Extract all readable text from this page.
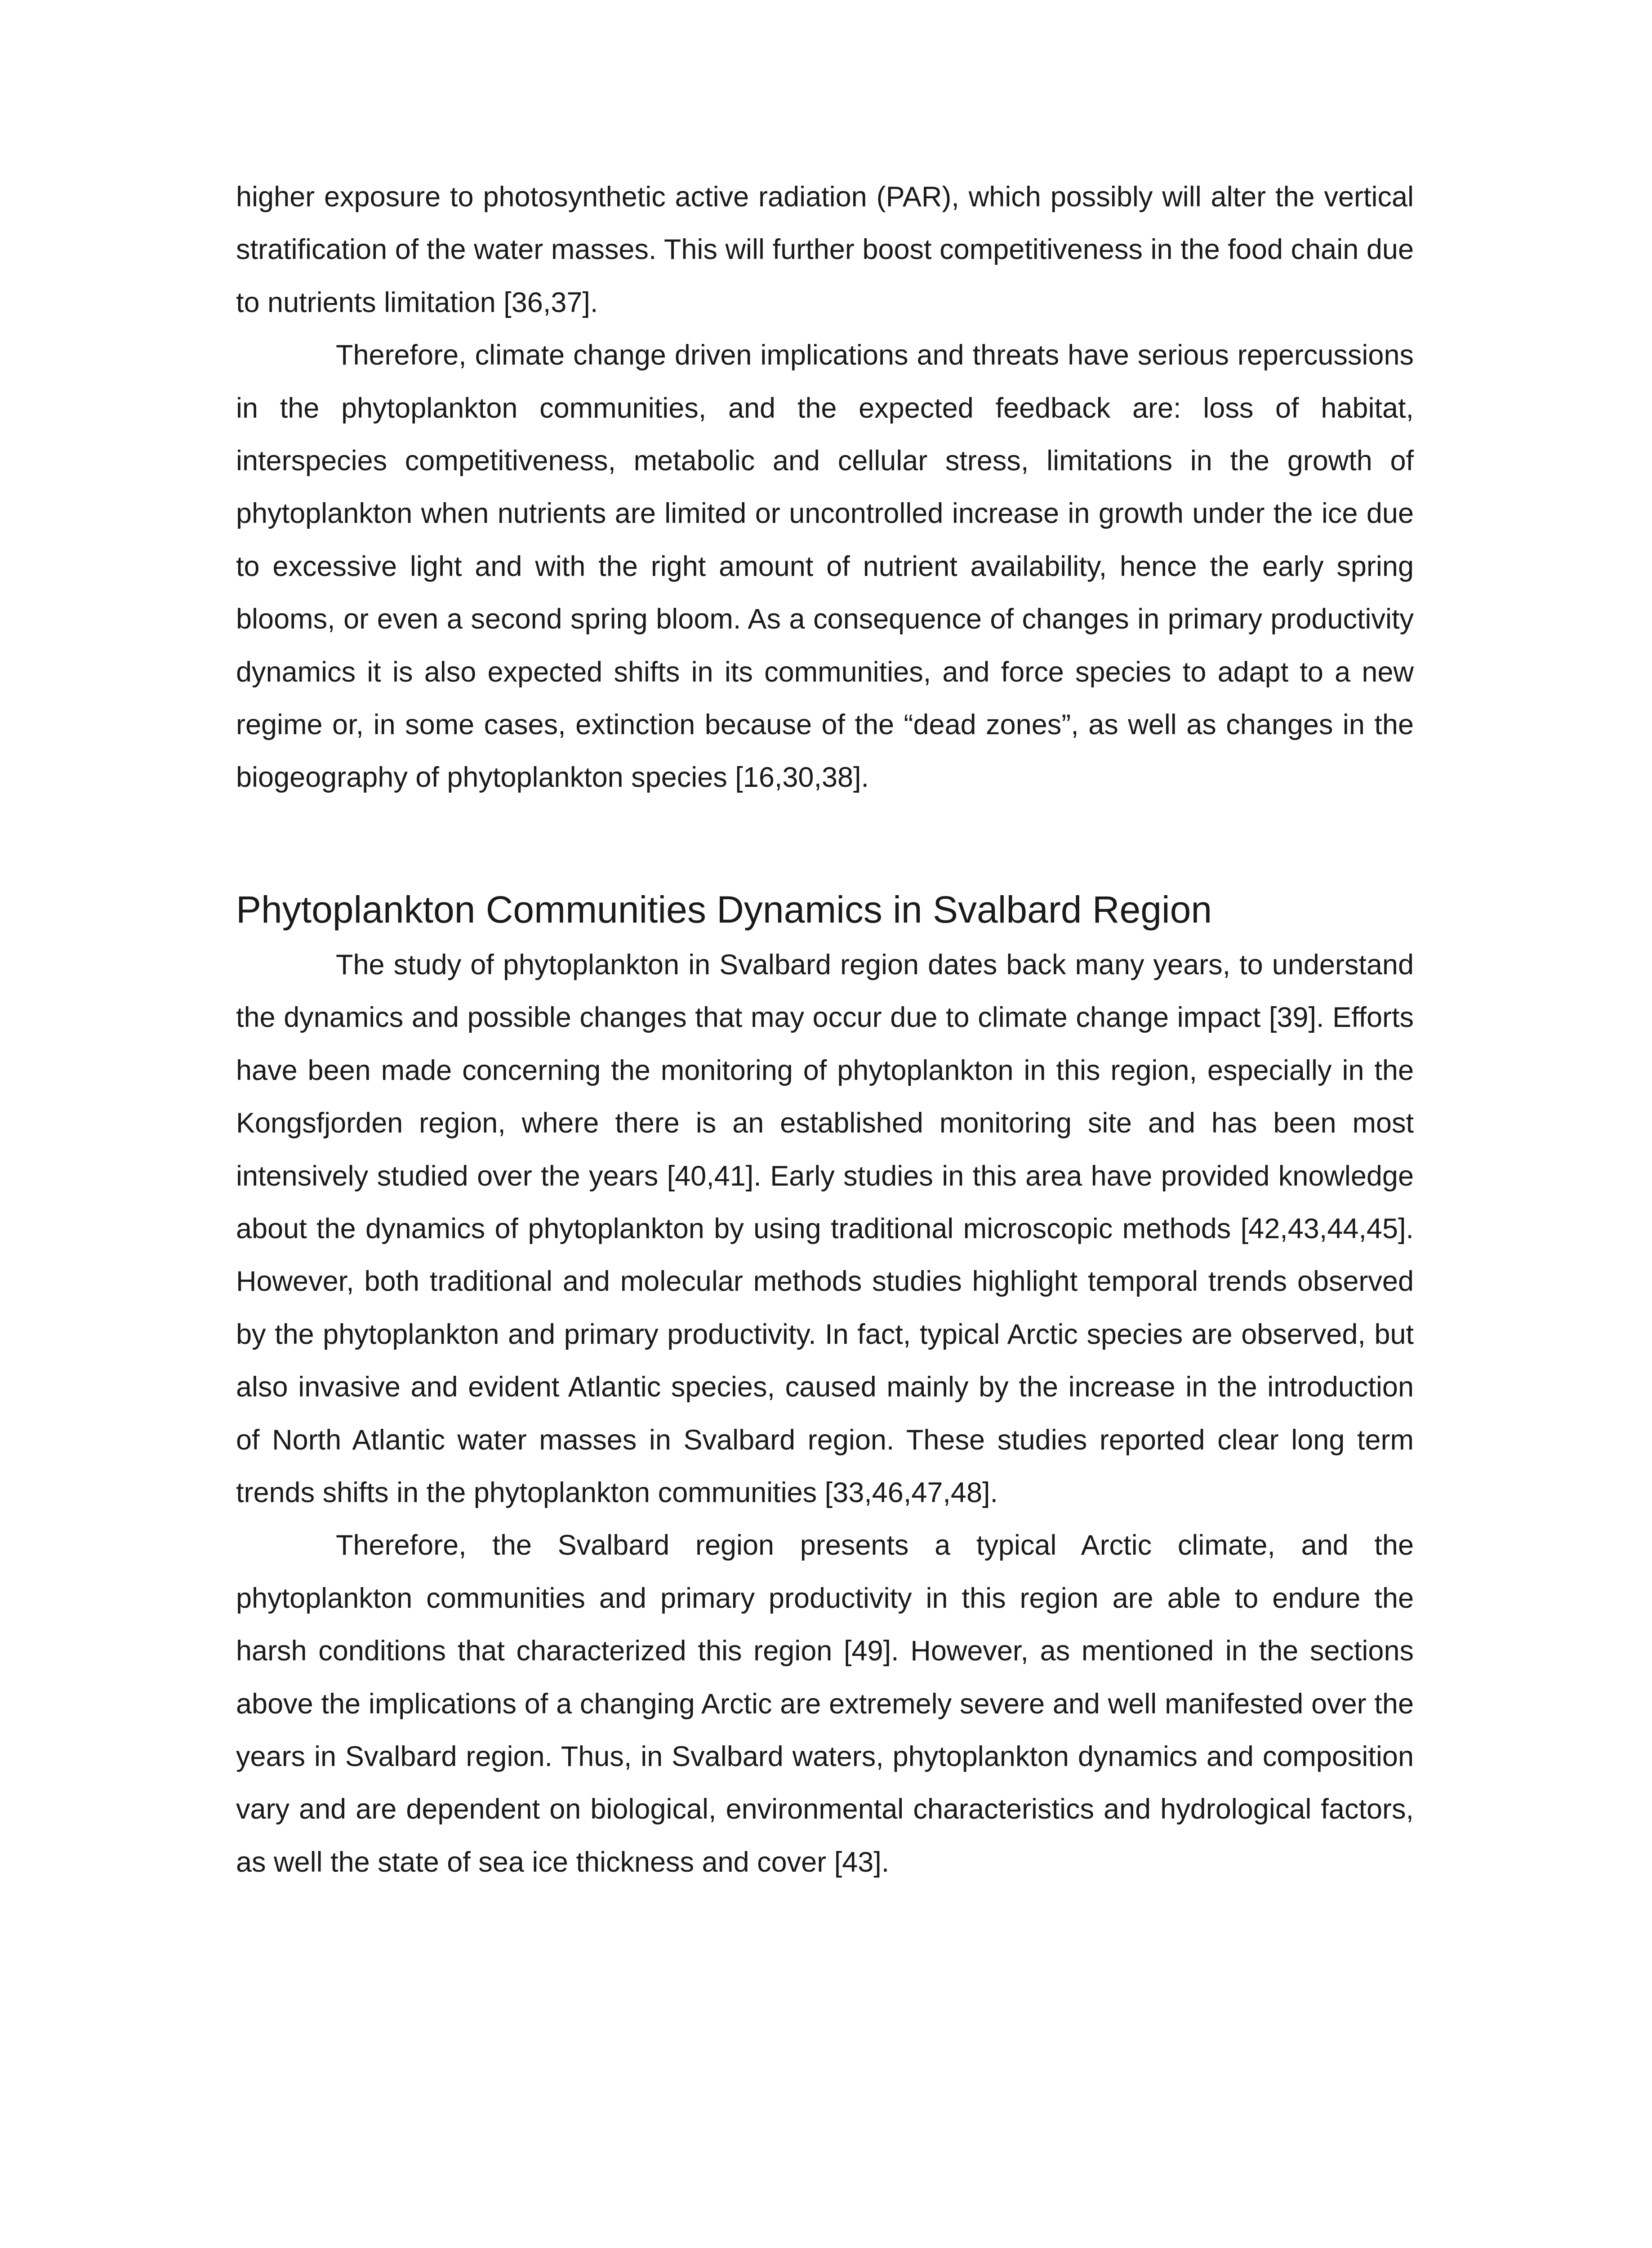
higher exposure to photosynthetic active radiation (PAR), which possibly will alter the vertical stratification of the water masses. This will further boost competitiveness in the food chain due to nutrients limitation [36,37].

Therefore, climate change driven implications and threats have serious repercussions in the phytoplankton communities, and the expected feedback are: loss of habitat, interspecies competitiveness, metabolic and cellular stress, limitations in the growth of phytoplankton when nutrients are limited or uncontrolled increase in growth under the ice due to excessive light and with the right amount of nutrient availability, hence the early spring blooms, or even a second spring bloom. As a consequence of changes in primary productivity dynamics it is also expected shifts in its communities, and force species to adapt to a new regime or, in some cases, extinction because of the “dead zones”, as well as changes in the biogeography of phytoplankton species [16,30,38].

Phytoplankton Communities Dynamics in Svalbard Region

The study of phytoplankton in Svalbard region dates back many years, to understand the dynamics and possible changes that may occur due to climate change impact [39]. Efforts have been made concerning the monitoring of phytoplankton in this region, especially in the Kongsfjorden region, where there is an established monitoring site and has been most intensively studied over the years [40,41]. Early studies in this area have provided knowledge about the dynamics of phytoplankton by using traditional microscopic methods [42,43,44,45]. However, both traditional and molecular methods studies highlight temporal trends observed by the phytoplankton and primary productivity. In fact, typical Arctic species are observed, but also invasive and evident Atlantic species, caused mainly by the increase in the introduction of North Atlantic water masses in Svalbard region. These studies reported clear long term trends shifts in the phytoplankton communities [33,46,47,48].

Therefore, the Svalbard region presents a typical Arctic climate, and the phytoplankton communities and primary productivity in this region are able to endure the harsh conditions that characterized this region [49]. However, as mentioned in the sections above the implications of a changing Arctic are extremely severe and well manifested over the years in Svalbard region. Thus, in Svalbard waters, phytoplankton dynamics and composition vary and are dependent on biological, environmental characteristics and hydrological factors, as well the state of sea ice thickness and cover [43].
